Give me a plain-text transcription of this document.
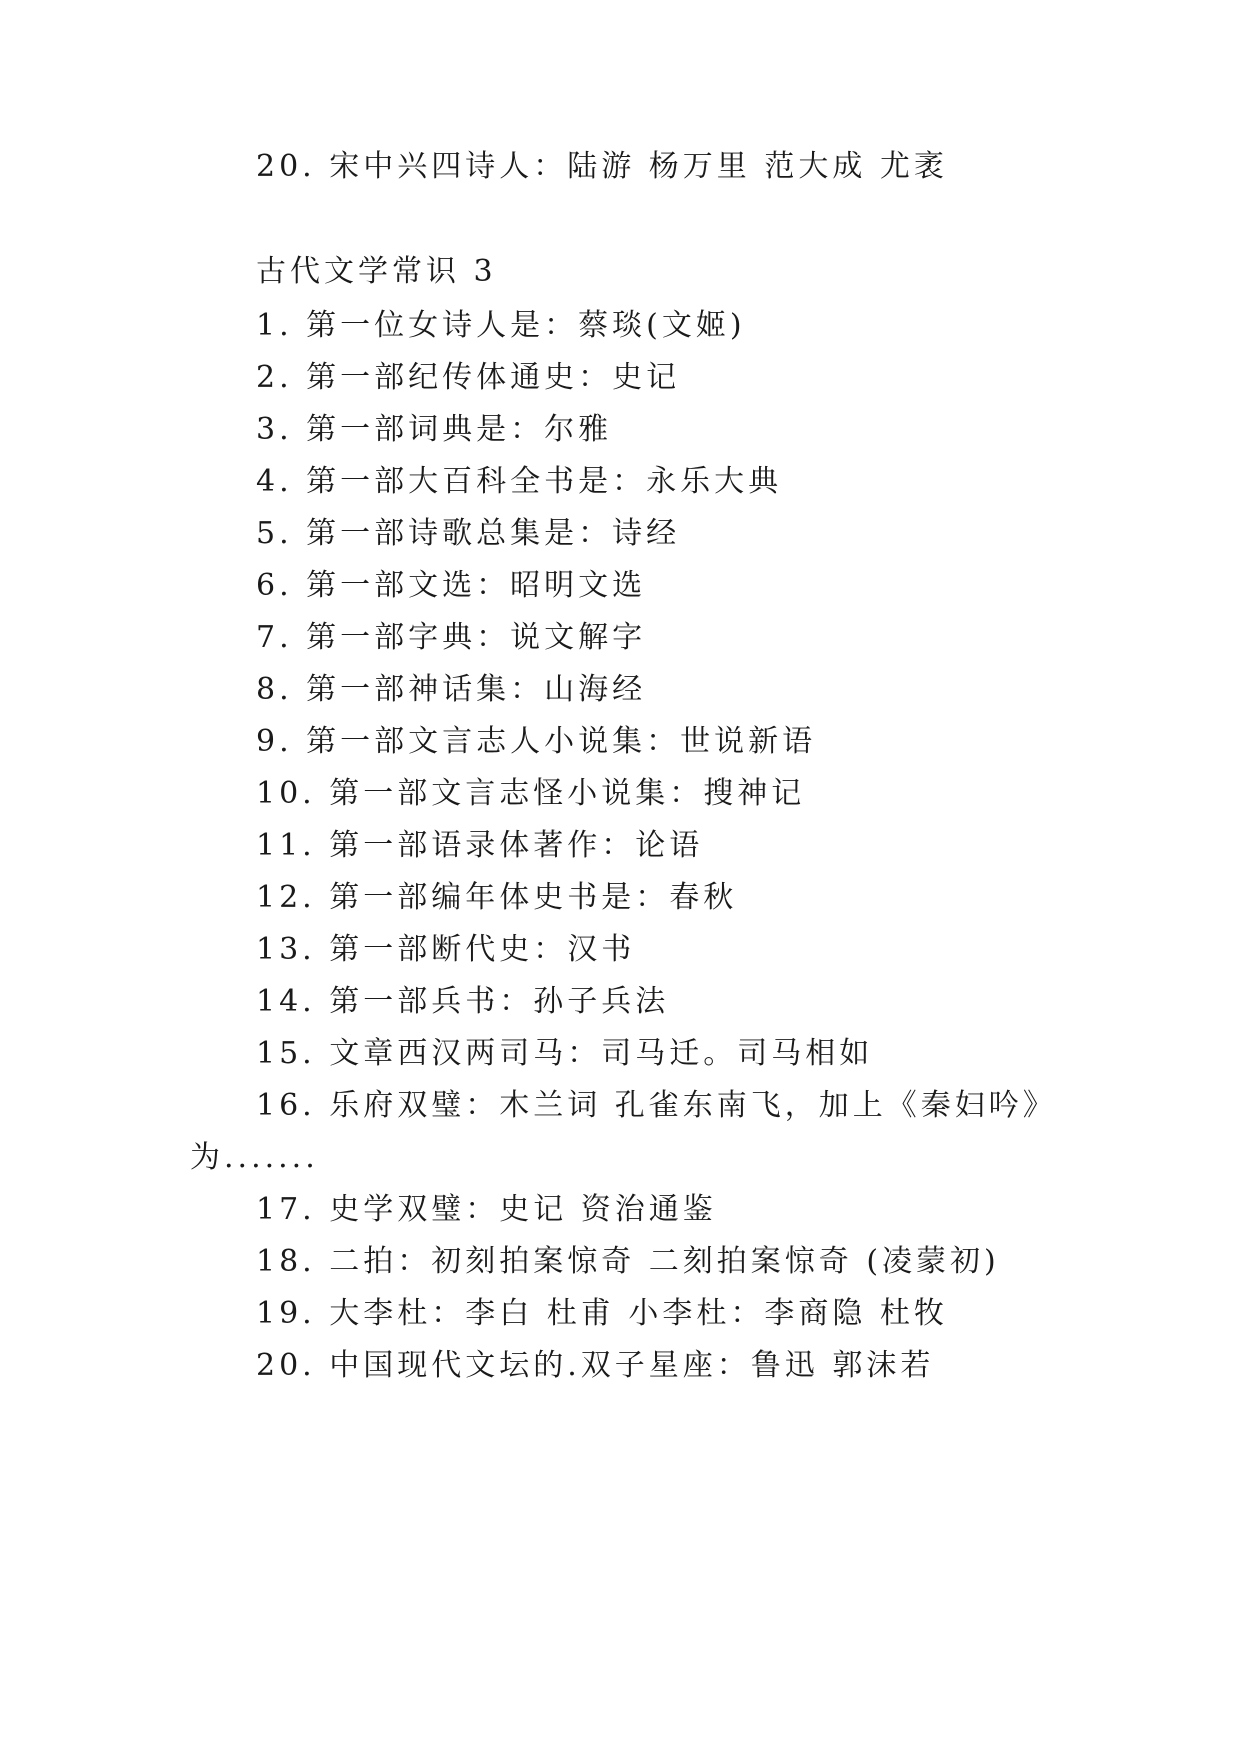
20. 宋中兴四诗人：陆游 杨万里 范大成 尤袤
古代文学常识 3
1. 第一位女诗人是：蔡琰(文姬)
2. 第一部纪传体通史：史记
3. 第一部词典是：尔雅
4. 第一部大百科全书是：永乐大典
5. 第一部诗歌总集是：诗经
6. 第一部文选：昭明文选
7. 第一部字典：说文解字
8. 第一部神话集：山海经
9. 第一部文言志人小说集：世说新语
10. 第一部文言志怪小说集：搜神记
11. 第一部语录体著作：论语
12. 第一部编年体史书是：春秋
13. 第一部断代史：汉书
14. 第一部兵书：孙子兵法
15. 文章西汉两司马：司马迁。司马相如
16. 乐府双璧：木兰词 孔雀东南飞，加上《秦妇吟》
为.......
17. 史学双璧：史记 资治通鉴
18. 二拍：初刻拍案惊奇 二刻拍案惊奇 (凌蒙初)
19. 大李杜：李白 杜甫 小李杜：李商隐 杜牧
20. 中国现代文坛的.双子星座：鲁迅 郭沫若
